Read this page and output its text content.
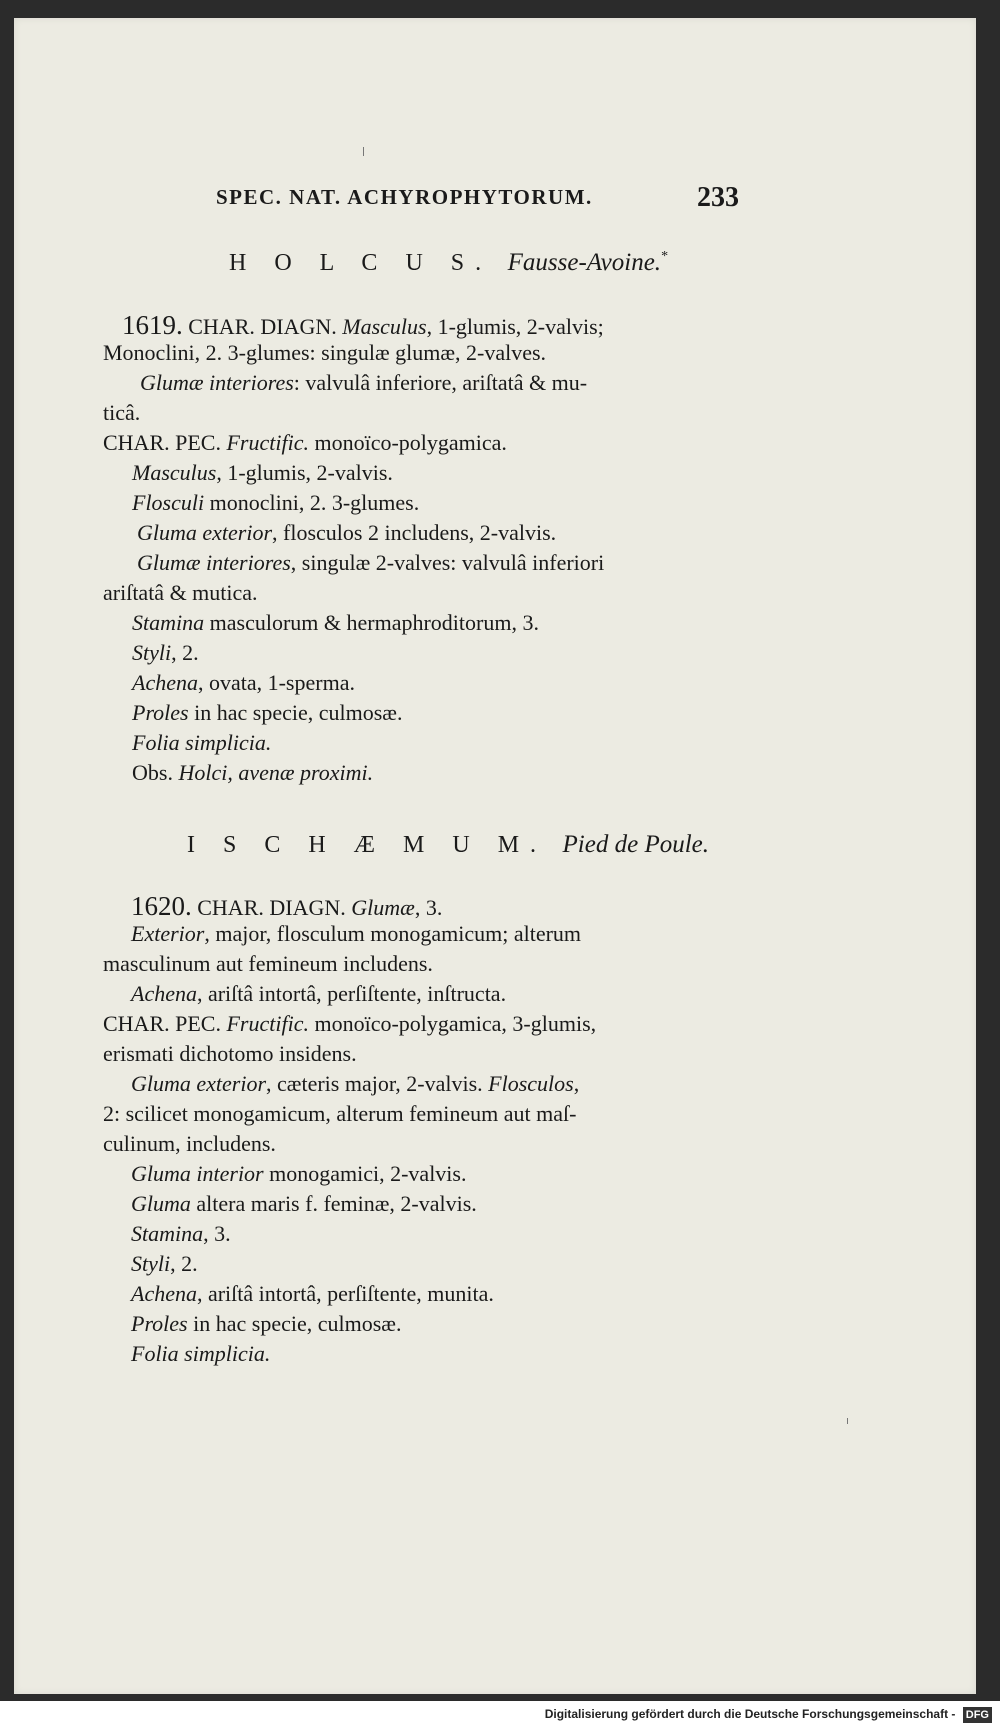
SPEC. NAT. ACHYROPHYTORUM.	233
H O L C U S. Fausse-Avoine.*
1619. CHAR. DIAGN. Masculus, 1-glumis, 2-valvis;
Monoclini, 2. 3-glumes: singulæ glumæ, 2-valves.
Glumæ interiores: valvulâ inferiore, ariſtatâ & mu-
ticâ.
CHAR. PEC. Fructific. monoïco-polygamica.
Masculus, 1-glumis, 2-valvis.
Flosculi monoclini, 2. 3-glumes.
Gluma exterior, flosculos 2 includens, 2-valvis.
Glumæ interiores, singulæ 2-valves: valvulâ inferiori
ariſtatâ & mutica.
Stamina masculorum & hermaphroditorum, 3.
Styli, 2.
Achena, ovata, 1-sperma.
Proles in hac specie, culmosæ.
Folia simplicia.
Obs. Holci, avenæ proximi.
I S C H Æ M U M. Pied de Poule.
1620. CHAR. DIAGN. Glumæ, 3.
Exterior, major, flosculum monogamicum; alterum
masculinum aut femineum includens.
Achena, ariſtâ intortâ, perſiſtente, inſtructa.
CHAR. PEC. Fructific. monoïco-polygamica, 3-glumis,
erismati dichotomo insidens.
Gluma exterior, cæteris major, 2-valvis. Flosculos,
2: scilicet monogamicum, alterum femineum aut maſ-
culinum, includens.
Gluma interior monogamici, 2-valvis.
Gluma altera maris f. feminæ, 2-valvis.
Stamina, 3.
Styli, 2.
Achena, ariſtâ intortâ, perſiſtente, munita.
Proles in hac specie, culmosæ.
Folia simplicia.
Digitalisierung gefördert durch die Deutsche Forschungsgemeinschaft - DFG
